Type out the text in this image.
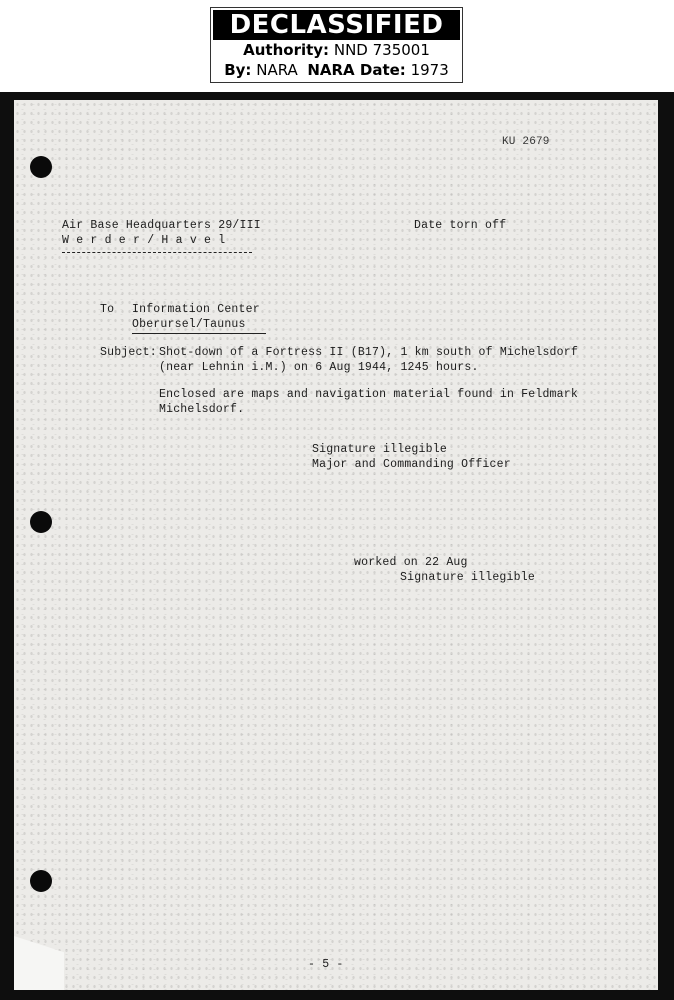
DECLASSIFIED
Authority: NND 735001
By: NARA NARA Date: 1973
KU 2679
Air Base Headquarters 29/III
W e r d e r / H a v e l
Date torn off
To Information Center
Oberursel/Taunus
Subject: Shot-down of a Fortress II (B17), 1 km south of Michelsdorf
(near Lehnin i.M.) on 6 Aug 1944, 1245 hours.
Enclosed are maps and navigation material found in Feldmark
Michelsdorf.
Signature illegible
Major and Commanding Officer
worked on 22 Aug
Signature illegible
- 5 -
